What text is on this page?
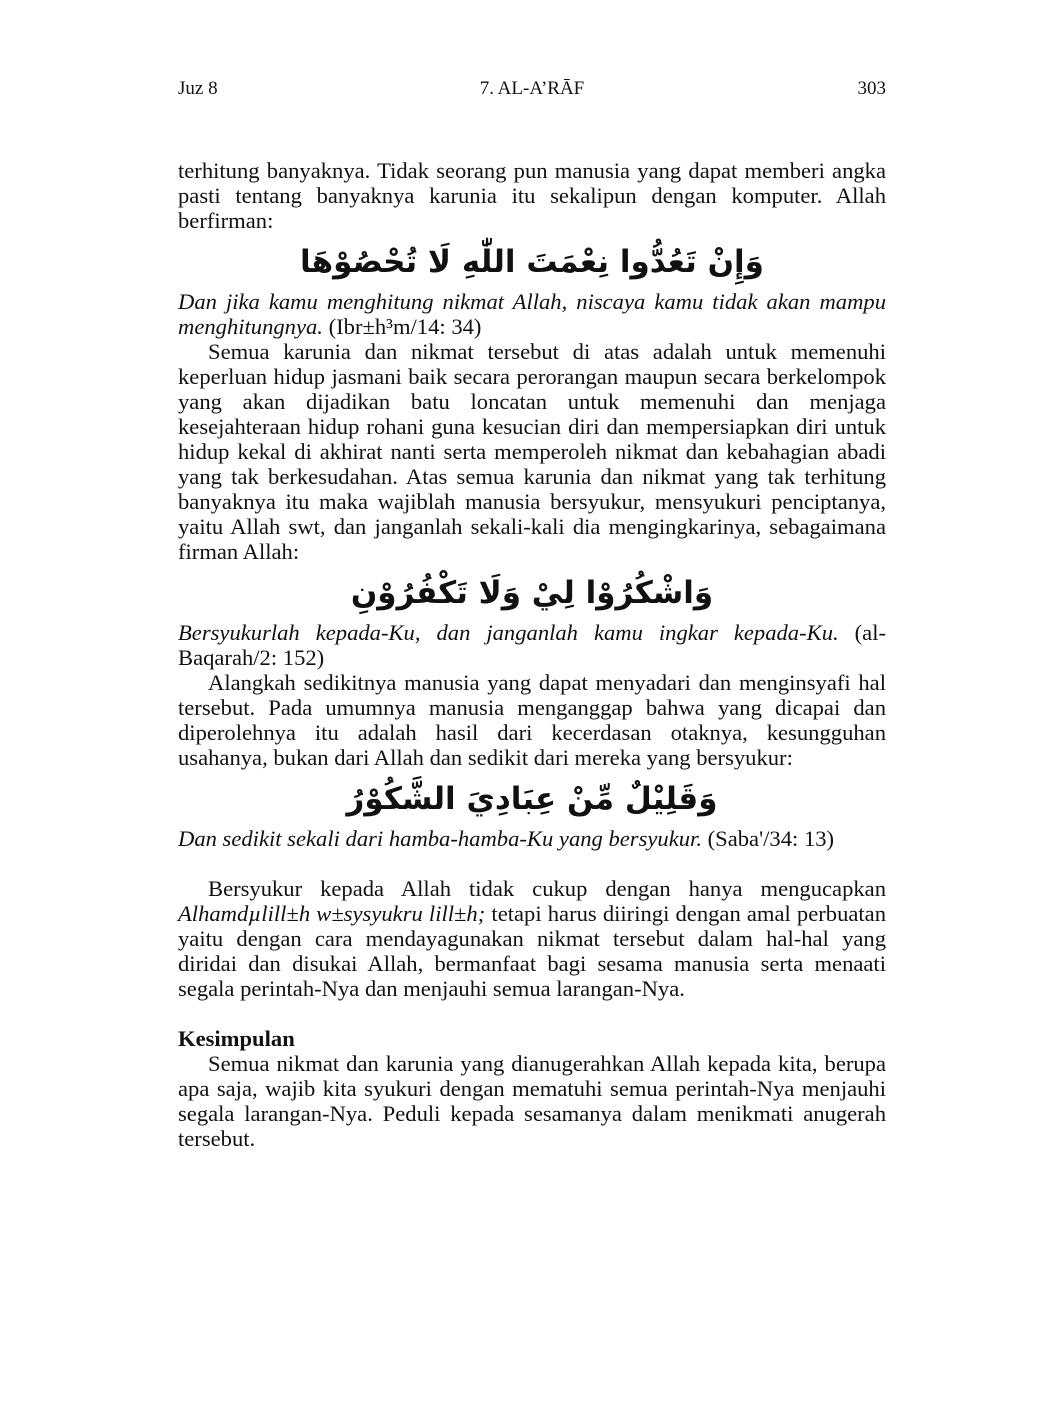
Juz 8	7. AL-A’RĀF	303

terhitung banyaknya. Tidak seorang pun manusia yang dapat memberi angka pasti tentang banyaknya karunia itu sekalipun dengan komputer. Allah berfirman:

وَإِنْ تَعُدُّوا نِعْمَتَ اللّٰهِ لَا تُحْصُوْهَا

Dan jika kamu menghitung nikmat Allah, niscaya kamu tidak akan mampu menghitungnya. (Ibr±h³m/14: 34)

Semua karunia dan nikmat tersebut di atas adalah untuk memenuhi keperluan hidup jasmani baik secara perorangan maupun secara berkelompok yang akan dijadikan batu loncatan untuk memenuhi dan menjaga kesejahteraan hidup rohani guna kesucian diri dan mempersiapkan diri untuk hidup kekal di akhirat nanti serta memperoleh nikmat dan kebahagian abadi yang tak berkesudahan. Atas semua karunia dan nikmat yang tak terhitung banyaknya itu maka wajiblah manusia bersyukur, mensyukuri penciptanya, yaitu Allah swt, dan janganlah sekali-kali dia mengingkarinya, sebagaimana firman Allah:

وَاشْكُرُوْا لِيْ وَلَا تَكْفُرُوْنِ

Bersyukurlah kepada-Ku, dan janganlah kamu ingkar kepada-Ku. (al-Baqarah/2: 152)

Alangkah sedikitnya manusia yang dapat menyadari dan menginsyafi hal tersebut. Pada umumnya manusia menganggap bahwa yang dicapai dan diperolehnya itu adalah hasil dari kecerdasan otaknya, kesungguhan usahanya, bukan dari Allah dan sedikit dari mereka yang bersyukur:

وَقَلِيْلٌ مِّنْ عِبَادِيَ الشَّكُوْرُ

Dan sedikit sekali dari hamba-hamba-Ku yang bersyukur. (Saba'/34: 13)

Bersyukur kepada Allah tidak cukup dengan hanya mengucapkan Alhamdµlill±h w±sysyukru lill±h; tetapi harus diiringi dengan amal perbuatan yaitu dengan cara mendayagunakan nikmat tersebut dalam hal-hal yang diridai dan disukai Allah, bermanfaat bagi sesama manusia serta menaati segala perintah-Nya dan menjauhi semua larangan-Nya.

Kesimpulan

Semua nikmat dan karunia yang dianugerahkan Allah kepada kita, berupa apa saja, wajib kita syukuri dengan mematuhi semua perintah-Nya menjauhi segala larangan-Nya. Peduli kepada sesamanya dalam menikmati anugerah tersebut.
